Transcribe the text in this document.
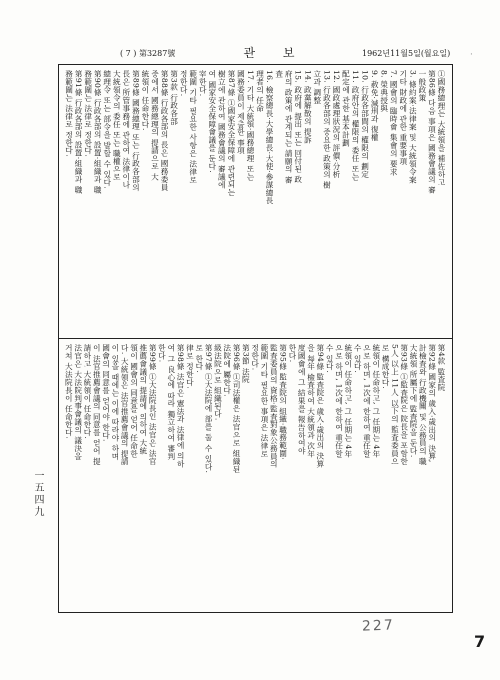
·
( 7 ) 第3287號	관 보	1962년11월5일(월요일)
①國務總理는 大統領을 補佐하고
第86條 다음 事項은 國務會議의 審
一般政策
3. 條約案·法律案 및 大統領令案
기타 財政에 관한 重要事項
7. 國會의 臨時會 集會의 要求
8. 榮典授與
9. 赦免·減刑과 復權
10. 行政各部間의 權限의 劃定
11. 政府안의 權限의 委任 또는
配定에 관한 基本計劃
12. 國政處理狀況의 評價·分析
13. 行政各部의 중요한 政策의 樹
立과 調整
14. 政黨解散의 提訴
15. 政府에 提出 또는 回付된 政
府의 政策에 관계되는 請願의 審
査
16. 檢察總長·大學總長·大使·參謀總長
理者의 任命
17. 기타 大統領·國務總理 또는
國務委員이 제출한 事項
第87條 ①國家安全保障에 관련되는
樹立에 관하여 國務會議의 審議에
여 國家安全保障會議를 둔다.
宰한다.
範圍 기타 필요한 사항은 法律로
정한다.
第3款 行政各部
第88條 行政各部의 長은 國務委員
중에서 國務總理의 提請으로 大
統領이 任命한다.
第89條 國務總理 또는 行政各部의
長은 所管事務에 관하여 法律이나
大統領令의 委任 또는 職權으로
總理令 또는 部令을 발할 수 있다.
第90條 行政各部의 設置·組織과 職
務範圍는 法律로 정한다.
第91條 行政各部의 設置·組織과 職
務範圍는 法律로 정한다.
第4款 監査院
第92條 國家의 歲入·歲出의 決算,
計檢査와 行政機關 및 公務員의 職
大統領 所屬下에 監査院을 둔다.
第93條 ①監査院은 院長을 포함한
5人 以上 11人 以下의 監査委員으
로 構成한다.
統領이 任命하고, 그 任期는 4年
으로 하며, 1次에 한하여 重任할
수 있다.
統領이 任命하고, 그 任期는 4年
으로 하며, 1次에 한하여 重任할
수 있다.
第94條 監査院은 歲入·歲出의 決算
을 每年 檢査하여 大統領과 次年
度國會에 그 結果를 報告하여야
한다.
第95條 監査院의 組織·職務範圍·
監査委員의 資格·監査對象公務員의
範圍 기타 필요한 事項은 法律로
정한다.
第3節 法院
第96條 ①司法權은 法官으로 組織된
法院에 屬한다.
級法院으로 組織된다.
第97條 ①大法院에 部를 둘 수 있다.
로 한다.
律로 정한다.
第98條 法官은 憲法과 法律에 의하
여 그 良心에 따라 獨立하여 審判
한다.
第99條 ①大法院長인 法官은 法官
推薦會議의 提請에 의하여 大統
領이 國會의 同意를 얻어 任命한
다. 大統領은 法官推薦會議의 提請
이 있을 때에는 이에 따라야 하며
國會의 同意를 얻어야 한다.
이 法官推薦會議의 同意를 얻어 提
請하고 大統領이 任命한다.
法官은 大法院判事會議의 議決을
거쳐 大法院長이 任命한다.
一五四九
227
7
